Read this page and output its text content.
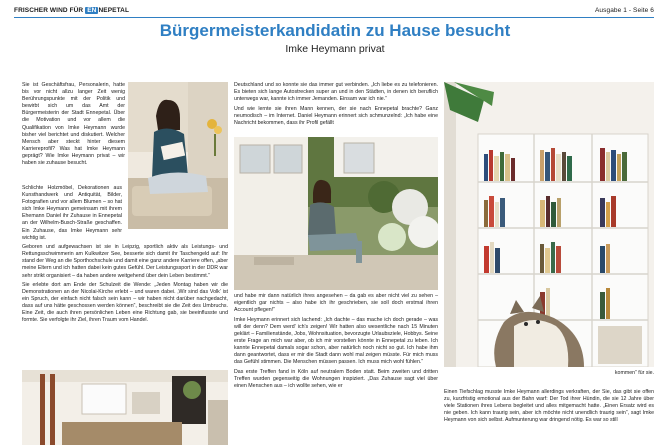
FRISCHER WIND FÜR EN NEPETAL	Ausgabe 1 - Seite 6
Bürgermeisterkandidatin zu Hause besucht
Imke Heymann privat

Sie ist Geschäftsfrau, Personalerin, hatte bis vor nicht allzu langer Zeit wenig Berührungspunkte mit der Politik und bewirbt sich um das Amt der Bürgermeisterin der Stadt Ennepetal. Über die Motivation und vor allem die Qualifikation von Imke Heymann wurde bisher viel berichtet und diskutiert. Welcher Mensch aber steckt hinter diesem Karriereprofil? Was hat Imke Heymann geprägt? Wie Imke Heymann privat – wir haben sie zuhause besucht.

Schlichte Holzmöbel, Dekorationen aus Kunsthandwerk und Antiquität, Bilder, Fotografien und vor allem Blumen – so hat sich Imke Heymann gemeinsam mit ihrem Ehemann Daniel ihr Zuhause in Ennepetal an der Wilhelm-Busch-Straße geschaffen. Ein Zuhause, das Imke Heymann sehr wichtig ist.

Geboren und aufgewachsen ist sie in Leipzig, sportlich aktiv als Leistungs- und Rettungsschwimmerin am Kulkwitzer See, besserte sich damit ihr Taschengeld auf: Ihr stand der Weg an die Sporthochschule und damit eine ganz andere Karriere offen, „aber meine Eltern und ich hatten dabei kein gutes Gefühl. Der Leistungssport in der DDR war sehr strikt organisiert – da haben andere weitgehend über dein Leben bestimmt.“

Sie erlebte dort am Ende der Schulzeit die Wende: „Jeden Montag haben wir die Demonstrationen an der Nicolai-Kirche erlebt – und waren dabei. ‚Wir sind das Volk‘ ist ein Spruch, der einfach nicht falsch sein kann – wir haben nicht darüber nachgedacht, dass auf uns hätte geschossen werden können“, beschreibt sie die Zeit des Umbruchs. Eine Zeit, die auch ihren persönlichen Leben eine Richtung gab, sie beeinflusste und formte. Sie verfolgte ihr Ziel, ihren Traum vom Handel.

Deutschland und so konnte sie das immer gut verbinden. „Ich liebe es zu telefonieren. Es bieten sich lange Autostrecken super an und in den Städten, in denen ich beruflich unterwegs war, kannte ich immer Jemanden. Einsam war ich nie.“

Und wie lernte sie ihren Mann kennen, der sie nach Ennepetal brachte? Ganz neumodisch – im Internet. Daniel Heymann erinnert sich schmunzelnd: „Ich habe eine Nachricht bekommen, dass ihr Profil gefällt

und habe mir dann natürlich ihres angesehen – da gab es aber nicht viel zu sehen – eigentlich gar nichts – also habe ich ihr geschrieben, sie soll doch erstmal ihren Account pflegen!“

Imke Heymann erinnert sich lachend: „Ich dachte – das mache ich doch gerade – was will der denn? Dem werd' ich's zeigen! Wir hatten also wesentliche nach 15 Minuten geklärt – Familienstände, Jobs, Wohnsituation, bevorzugte Urlaubsziele, Hobbys. Seine erste Frage an mich war aber, ob ich mir vorstellen könnte in Ennepetal zu leben. Ich kannte Ennepetal damals sogar schon, aber natürlich noch nicht so gut. Ich habe ihm dann geantwortet, dass er mir die Stadt dann wohl mal zeigen müsste. Für mich muss das Gefühl stimmen. Die Menschen müssen passen. Ich muss mich wohl fühlen.“

Das erste Treffen fand in Köln auf neutralem Boden statt. Beim zweiten und dritten Treffen wurden gegenseitig die Wohnungen inspiziert. „Das Zuhause sagt viel über einen Menschen aus – ich wollte sehen, wie er

kommen“ für sie.

Einen Tiefschlag musste Imke Heymann allerdings verkraften, der Sie, das gibt sie offen zu, kurzfristig emotional aus der Bahn warf: Der Tod ihrer Hündin, die sie 12 Jahre über viele Stationen ihres Lebens begleitet und alles mitgemacht hatte. „Einen Ersatz wird es nie geben. Ich kann traurig sein, aber ich möchte nicht unendlich traurig sein“, sagt Imke Heymann von sich selbst. Aufmunterung war dringend nötig. Es war so still
